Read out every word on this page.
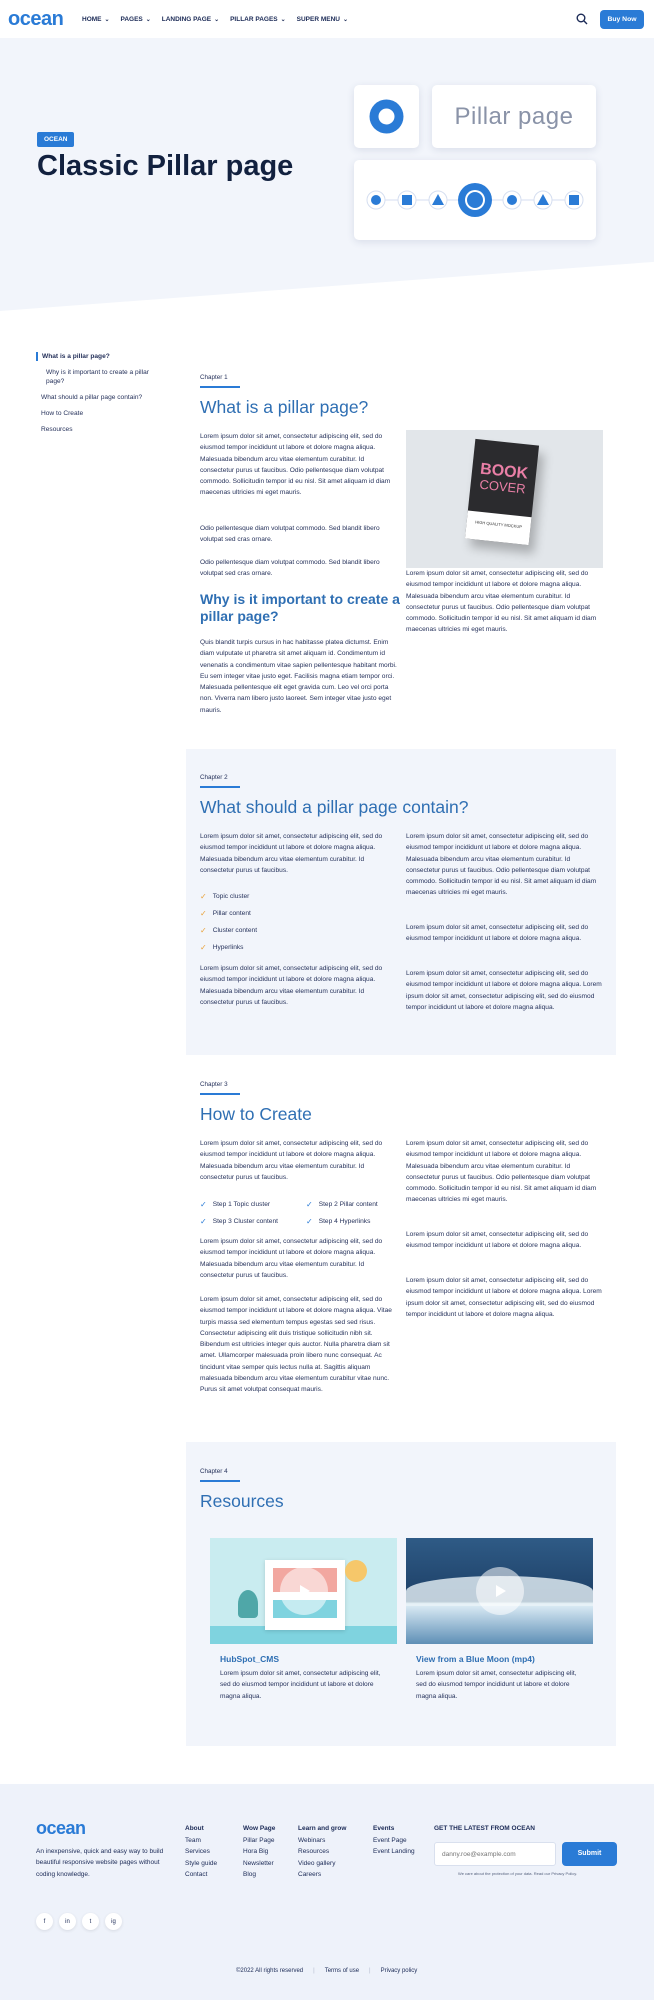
ocean	HOME ⌄ PAGES ⌄ LANDING PAGE ⌄ PILLAR PAGES ⌄ SUPER MENU ⌄	Buy Now
OCEAN
Classic Pillar page
Pillar page
What is a pillar page?
Why is it important to create a pillar page?
What should a pillar page contain?
How to Create
Resources
Chapter 1
What is a pillar page?
Lorem ipsum dolor sit amet, consectetur adipiscing elit, sed do eiusmod tempor incididunt ut labore et dolore magna aliqua. Malesuada bibendum arcu vitae elementum curabitur. Id consectetur purus ut faucibus. Odio pellentesque diam volutpat commodo. Sollicitudin tempor id eu nisl. Sit amet aliquam id diam maecenas ultricies mi eget mauris.
Odio pellentesque diam volutpat commodo. Sed blandit libero volutpat sed cras ornare.
Odio pellentesque diam volutpat commodo. Sed blandit libero volutpat sed cras ornare.
Why is it important to create a pillar page?
Quis blandit turpis cursus in hac habitasse platea dictumst. Enim diam vulputate ut pharetra sit amet aliquam id. Condimentum id venenatis a condimentum vitae sapien pellentesque habitant morbi. Eu sem integer vitae justo eget. Facilisis magna etiam tempor orci. Malesuada pellentesque elit eget gravida cum. Leo vel orci porta non. Viverra nam libero justo laoreet. Sem integer vitae justo eget mauris.
BOOK
COVER
HIGH QUALITY MOCKUP
Lorem ipsum dolor sit amet, consectetur adipiscing elit, sed do eiusmod tempor incididunt ut labore et dolore magna aliqua. Malesuada bibendum arcu vitae elementum curabitur. Id consectetur purus ut faucibus. Odio pellentesque diam volutpat commodo. Sollicitudin tempor id eu nisl. Sit amet aliquam id diam maecenas ultricies mi eget mauris.
Chapter 2
What should a pillar page contain?
Lorem ipsum dolor sit amet, consectetur adipiscing elit, sed do eiusmod tempor incididunt ut labore et dolore magna aliqua. Malesuada bibendum arcu vitae elementum curabitur. Id consectetur purus ut faucibus.
✓ Topic cluster
✓ Pillar content
✓ Cluster content
✓ Hyperlinks
Lorem ipsum dolor sit amet, consectetur adipiscing elit, sed do eiusmod tempor incididunt ut labore et dolore magna aliqua. Malesuada bibendum arcu vitae elementum curabitur. Id consectetur purus ut faucibus.
Lorem ipsum dolor sit amet, consectetur adipiscing elit, sed do eiusmod tempor incididunt ut labore et dolore magna aliqua. Malesuada bibendum arcu vitae elementum curabitur. Id consectetur purus ut faucibus. Odio pellentesque diam volutpat commodo. Sollicitudin tempor id eu nisl. Sit amet aliquam id diam maecenas ultricies mi eget mauris.
Lorem ipsum dolor sit amet, consectetur adipiscing elit, sed do eiusmod tempor incididunt ut labore et dolore magna aliqua.
Lorem ipsum dolor sit amet, consectetur adipiscing elit, sed do eiusmod tempor incididunt ut labore et dolore magna aliqua. Lorem ipsum dolor sit amet, consectetur adipiscing elit, sed do eiusmod tempor incididunt ut labore et dolore magna aliqua.
Chapter 3
How to Create
Lorem ipsum dolor sit amet, consectetur adipiscing elit, sed do eiusmod tempor incididunt ut labore et dolore magna aliqua. Malesuada bibendum arcu vitae elementum curabitur. Id consectetur purus ut faucibus.
✓ Step 1 Topic cluster	✓ Step 2 Pillar content
✓ Step 3 Cluster content	✓ Step 4 Hyperlinks
Lorem ipsum dolor sit amet, consectetur adipiscing elit, sed do eiusmod tempor incididunt ut labore et dolore magna aliqua. Malesuada bibendum arcu vitae elementum curabitur. Id consectetur purus ut faucibus.
Lorem ipsum dolor sit amet, consectetur adipiscing elit, sed do eiusmod tempor incididunt ut labore et dolore magna aliqua. Vitae turpis massa sed elementum tempus egestas sed sed risus. Consectetur adipiscing elit duis tristique sollicitudin nibh sit. Bibendum est ultricies integer quis auctor. Nulla pharetra diam sit amet. Ullamcorper malesuada proin libero nunc consequat. Ac tincidunt vitae semper quis lectus nulla at. Sagittis aliquam malesuada bibendum arcu vitae elementum curabitur vitae nunc. Purus sit amet volutpat consequat mauris.
Lorem ipsum dolor sit amet, consectetur adipiscing elit, sed do eiusmod tempor incididunt ut labore et dolore magna aliqua. Malesuada bibendum arcu vitae elementum curabitur. Id consectetur purus ut faucibus. Odio pellentesque diam volutpat commodo. Sollicitudin tempor id eu nisl. Sit amet aliquam id diam maecenas ultricies mi eget mauris.
Lorem ipsum dolor sit amet, consectetur adipiscing elit, sed do eiusmod tempor incididunt ut labore et dolore magna aliqua.
Lorem ipsum dolor sit amet, consectetur adipiscing elit, sed do eiusmod tempor incididunt ut labore et dolore magna aliqua. Lorem ipsum dolor sit amet, consectetur adipiscing elit, sed do eiusmod tempor incididunt ut labore et dolore magna aliqua.
Chapter 4
Resources
HubSpot_CMS
Lorem ipsum dolor sit amet, consectetur adipiscing elit, sed do eiusmod tempor incididunt ut labore et dolore magna aliqua.
View from a Blue Moon (mp4)
Lorem ipsum dolor sit amet, consectetur adipiscing elit, sed do eiusmod tempor incididunt ut labore et dolore magna aliqua.
ocean
An inexpensive, quick and easy way to build beautiful responsive website pages without coding knowledge.
About
Team
Services
Style guide
Contact
Wow Page
Pillar Page
Hora Big
Newsletter
Blog
Learn and grow
Webinars
Resources
Video gallery
Careers
Events
Event Page
Event Landing
GET THE LATEST FROM OCEAN
danny.roe@example.com
Submit
We care about the protection of your data. Read our Privacy Policy.
f	in	t	ig
©2022 All rights reserved | Terms of use | Privacy policy
